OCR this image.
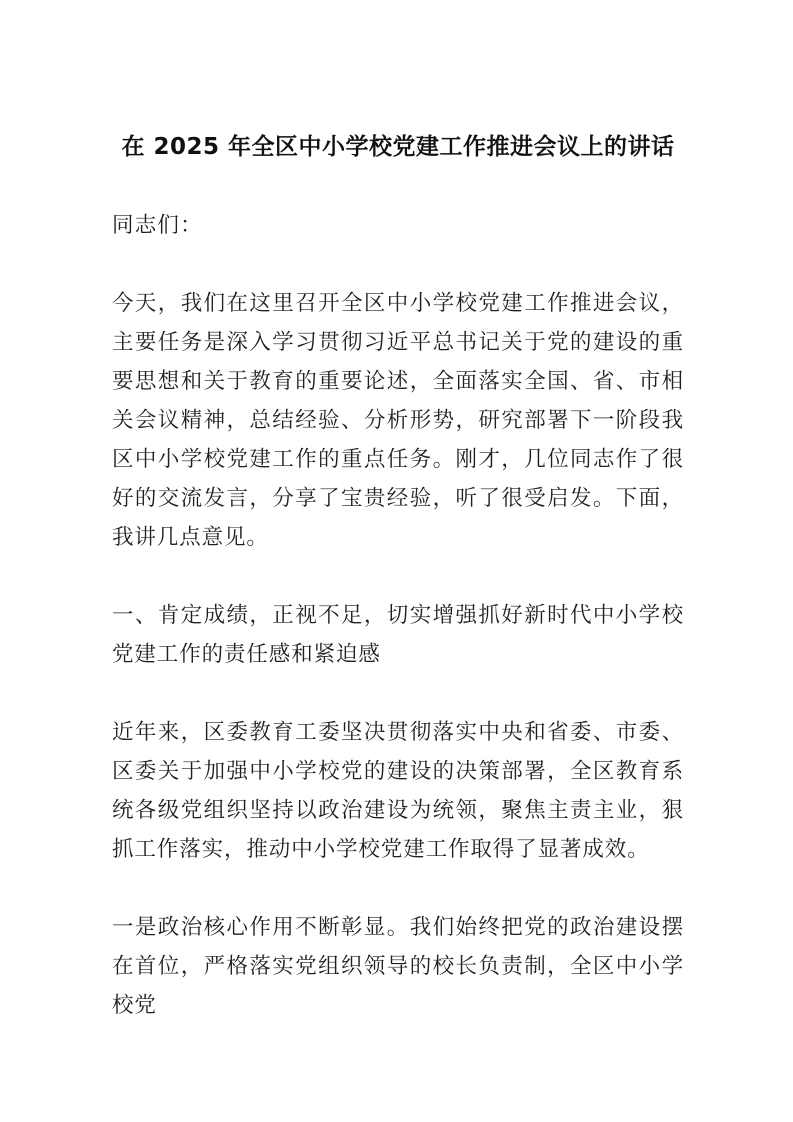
在 2025 年全区中小学校党建工作推进会议上的讲话

同志们：

今天，我们在这里召开全区中小学校党建工作推进会议，主要任务是深入学习贯彻习近平总书记关于党的建设的重要思想和关于教育的重要论述，全面落实全国、省、市相关会议精神，总结经验、分析形势，研究部署下一阶段我区中小学校党建工作的重点任务。刚才，几位同志作了很好的交流发言，分享了宝贵经验，听了很受启发。下面，我讲几点意见。

一、肯定成绩，正视不足，切实增强抓好新时代中小学校党建工作的责任感和紧迫感

近年来，区委教育工委坚决贯彻落实中央和省委、市委、区委关于加强中小学校党的建设的决策部署，全区教育系统各级党组织坚持以政治建设为统领，聚焦主责主业，狠抓工作落实，推动中小学校党建工作取得了显著成效。

一是政治核心作用不断彰显。我们始终把党的政治建设摆在首位，严格落实党组织领导的校长负责制，全区中小学校党
